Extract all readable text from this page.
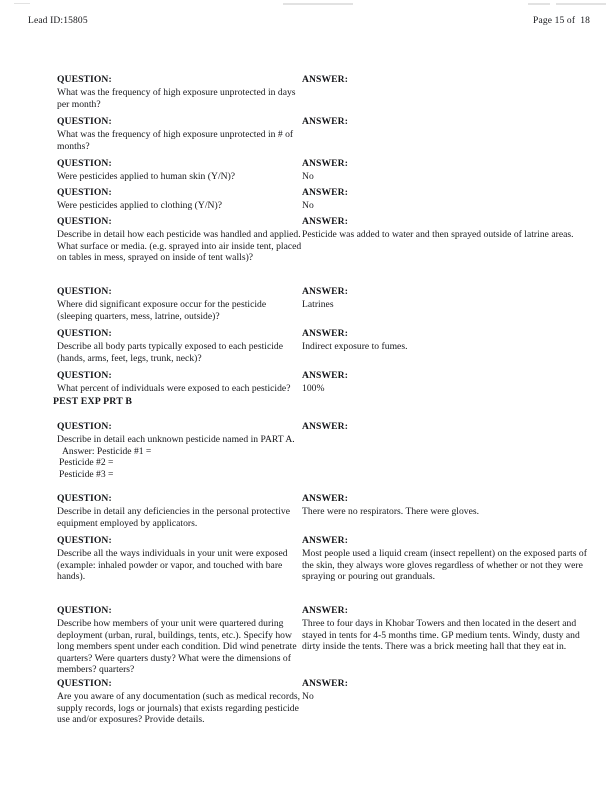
Lead ID:15805	Page 15 of  18
PEST EXP PRT B
QUESTION:
What was the frequency of high exposure unprotected in days per month?
ANSWER:
QUESTION:
What was the frequency of high exposure unprotected in # of months?
ANSWER:
QUESTION:
Were pesticides applied to human skin (Y/N)?
ANSWER:
No
QUESTION:
Were pesticides applied to clothing (Y/N)?
ANSWER:
No
QUESTION:
Describe in detail how each pesticide was handled and applied. What surface or media. (e.g. sprayed into air inside tent, placed on tables in mess, sprayed on inside of tent walls)?
ANSWER:
Pesticide was added to water and then sprayed outside of latrine areas.
QUESTION:
Where did significant exposure occur for the pesticide (sleeping quarters, mess, latrine, outside)?
ANSWER:
Latrines
QUESTION:
Describe all body parts typically exposed to each pesticide (hands, arms, feet, legs, trunk, neck)?
ANSWER:
Indirect exposure to fumes.
QUESTION:
What percent of individuals were exposed to each pesticide?
ANSWER:
100%
QUESTION:
Describe in detail each unknown pesticide named in PART A.
Answer: Pesticide #1 =
Pesticide #2 =
Pesticide #3 =
ANSWER:
QUESTION:
Describe in detail any deficiencies in the personal protective equipment employed by applicators.
ANSWER:
There were no respirators. There were gloves.
QUESTION:
Describe all the ways individuals in your unit were exposed (example: inhaled powder or vapor, and touched with bare hands).
ANSWER:
Most people used a liquid cream (insect repellent) on the exposed parts of the skin, they always wore gloves regardless of whether or not they were spraying or pouring out granduals.
QUESTION:
Describe how members of your unit were quartered during deployment (urban, rural, buildings, tents, etc.). Specify how long members spent under each condition. Did wind penetrate quarters? Were quarters dusty? What were the dimensions of members? quarters?
ANSWER:
Three to four days in Khobar Towers and then located in the desert and stayed in tents for 4-5 months time. GP medium tents. Windy, dusty and dirty inside the tents. There was a brick meeting hall that they eat in.
QUESTION:
Are you aware of any documentation (such as medical records, supply records, logs or journals) that exists regarding pesticide use and/or exposures? Provide details.
ANSWER:
No
